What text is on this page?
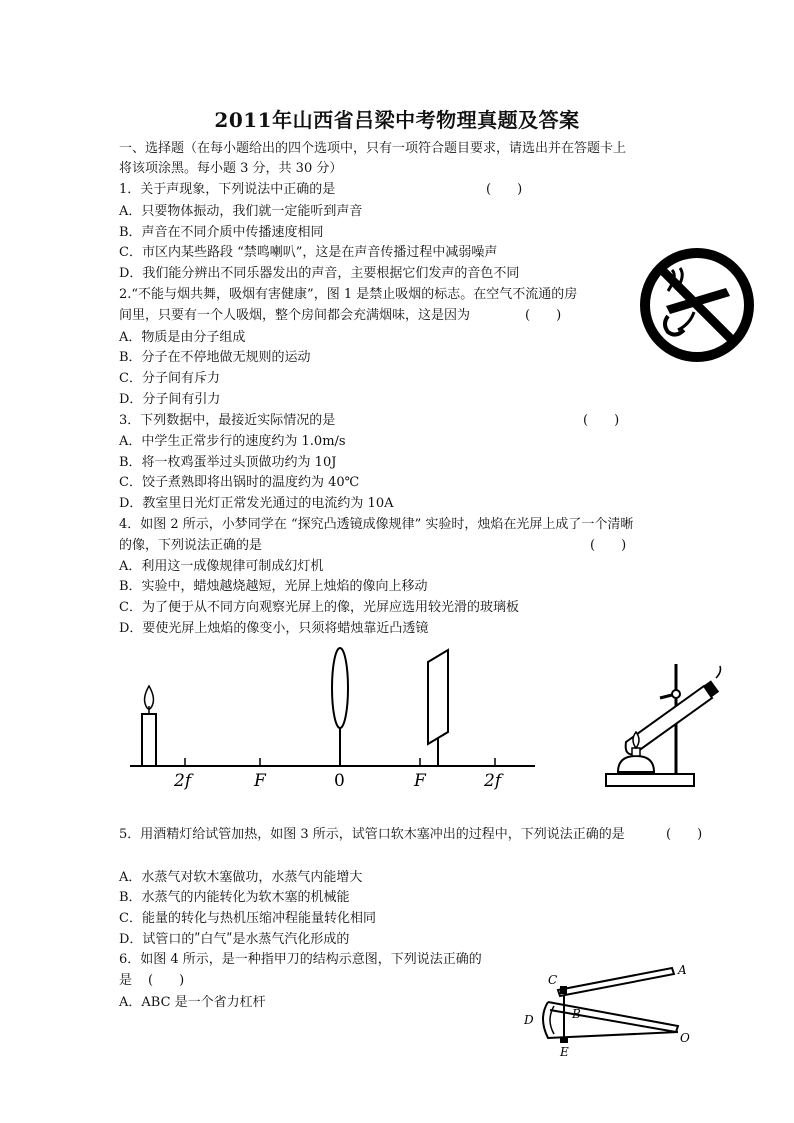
2011年山西省吕梁中考物理真题及答案
一、选择题（在每小题给出的四个选项中，只有一项符合题目要求，请选出并在答题卡上
将该项涂黑。每小题 3 分，共 30 分）
1．关于声现象，下列说法中正确的是	(　　)
A．只要物体振动，我们就一定能听到声音
B．声音在不同介质中传播速度相同
C．市区内某些路段 “禁鸣喇叭”，这是在声音传播过程中减弱噪声
D．我们能分辨出不同乐器发出的声音，主要根据它们发声的音色不同
2.“不能与烟共舞，吸烟有害健康”，图 1 是禁止吸烟的标志。在空气不流通的房
间里，只要有一个人吸烟，整个房间都会充满烟味，这是因为	(　　)
A．物质是由分子组成
B．分子在不停地做无规则的运动
C．分子间有斥力
D．分子间有引力
3．下列数据中，最接近实际情况的是	(　　)
A．中学生正常步行的速度约为 1.0m/s
B．将一枚鸡蛋举过头顶做功约为 10J
C．饺子煮熟即将出锅时的温度约为 40℃
D．教室里日光灯正常发光通过的电流约为 10A
4．如图 2 所示，小梦同学在 “探究凸透镜成像规律” 实验时，烛焰在光屏上成了一个清晰
的像，下列说法正确的是	(　　)
A．利用这一成像规律可制成幻灯机
B．实验中，蜡烛越烧越短，光屏上烛焰的像向上移动
C．为了便于从不同方向观察光屏上的像，光屏应选用较光滑的玻璃板
D．要使光屏上烛焰的像变小，只须将蜡烛靠近凸透镜
5．用酒精灯给试管加热，如图 3 所示，试管口软木塞冲出的过程中，下列说法正确的是	(　　)
A．水蒸气对软木塞做功，水蒸气内能增大
B．水蒸气的内能转化为软木塞的机械能
C．能量的转化与热机压缩冲程能量转化相同
D．试管口的ʺ白气ʺ是水蒸气汽化形成的
6．如图 4 所示，是一种指甲刀的结构示意图，下列说法正确的
是 (　　)
A．ABC 是一个省力杠杆
2f	F	0	F	2f
C
A
B
D
O
E
